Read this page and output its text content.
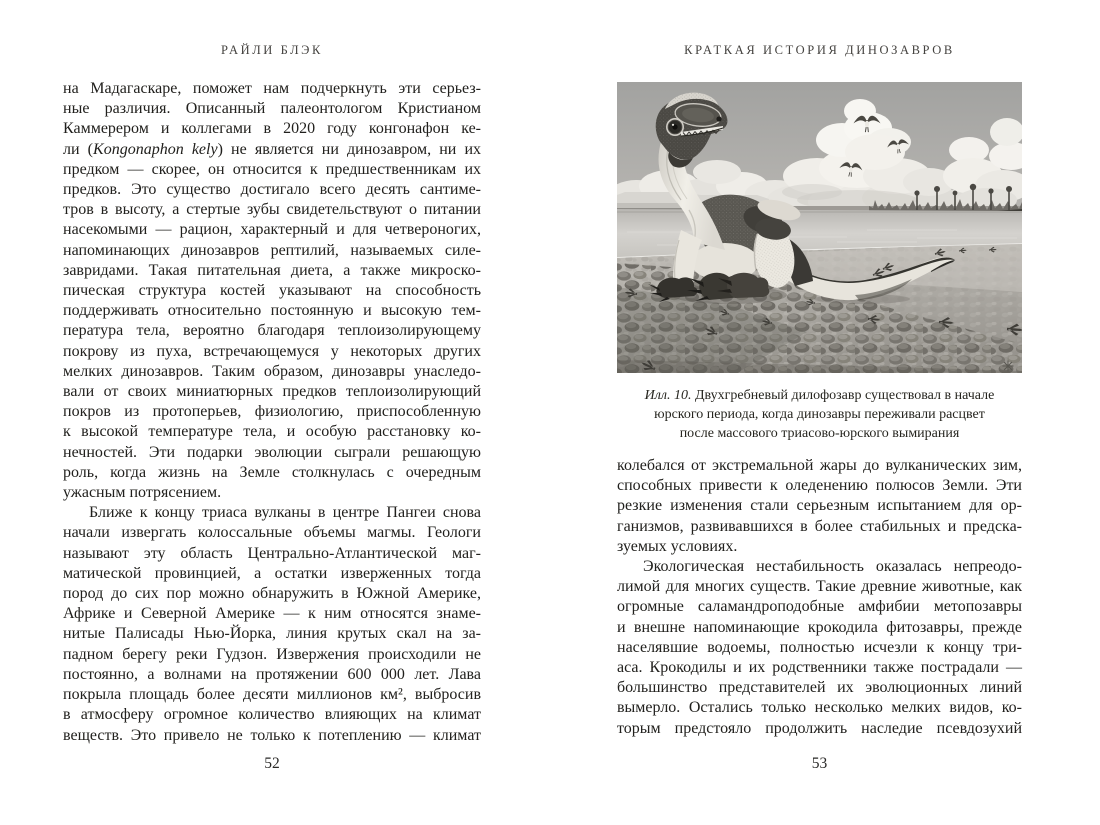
РАЙЛИ БЛЭК
на Мадагаскаре, поможет нам подчеркнуть эти серьез-
ные различия. Описанный палеонтологом Кристианом
Каммерером и коллегами в 2020 году конгонафон ке-
ли (Kongonaphon kely) не является ни динозавром, ни их
предком — скорее, он относится к предшественникам их
предков. Это существо достигало всего десять сантиме-
тров в высоту, а стертые зубы свидетельствуют о питании
насекомыми — рацион, характерный и для четвероногих,
напоминающих динозавров рептилий, называемых силе-
завридами. Такая питательная диета, а также микроско-
пическая структура костей указывают на способность
поддерживать относительно постоянную и высокую тем-
пература тела, вероятно благодаря теплоизолирующему
покрову из пуха, встречающемуся у некоторых других
мелких динозавров. Таким образом, динозавры унаследо-
вали от своих миниатюрных предков теплоизолирующий
покров из протоперьев, физиологию, приспособленную
к высокой температуре тела, и особую расстановку ко-
нечностей. Эти подарки эволюции сыграли решающую
роль, когда жизнь на Земле столкнулась с очередным
ужасным потрясением.
Ближе к концу триаса вулканы в центре Пангеи снова
начали извергать колоссальные объемы магмы. Геологи
называют эту область Центрально-Атлантической маг-
матической провинцией, а остатки изверженных тогда
пород до сих пор можно обнаружить в Южной Америке,
Африке и Северной Америке — к ним относятся знаме-
нитые Палисады Нью-Йорка, линия крутых скал на за-
падном берегу реки Гудзон. Извержения происходили не
постоянно, а волнами на протяжении 600 000 лет. Лава
покрыла площадь более десяти миллионов км², выбросив
в атмосферу огромное количество влияющих на климат
веществ. Это привело не только к потеплению — климат
52
КРАТКАЯ ИСТОРИЯ ДИНОЗАВРОВ
Илл. 10. Двухгребневый дилофозавр существовал в начале
юрского периода, когда динозавры переживали расцвет
после массового триасово-юрского вымирания
колебался от экстремальной жары до вулканических зим,
способных привести к оледенению полюсов Земли. Эти
резкие изменения стали серьезным испытанием для ор-
ганизмов, развивавшихся в более стабильных и предска-
зуемых условиях.
Экологическая нестабильность оказалась непреодо-
лимой для многих существ. Такие древние животные, как
огромные саламандроподобные амфибии метопозавры
и внешне напоминающие крокодила фитозавры, прежде
населявшие водоемы, полностью исчезли к концу три-
аса. Крокодилы и их родственники также пострадали —
большинство представителей их эволюционных линий
вымерло. Остались только несколько мелких видов, ко-
торым предстояло продолжить наследие псевдозухий
53
